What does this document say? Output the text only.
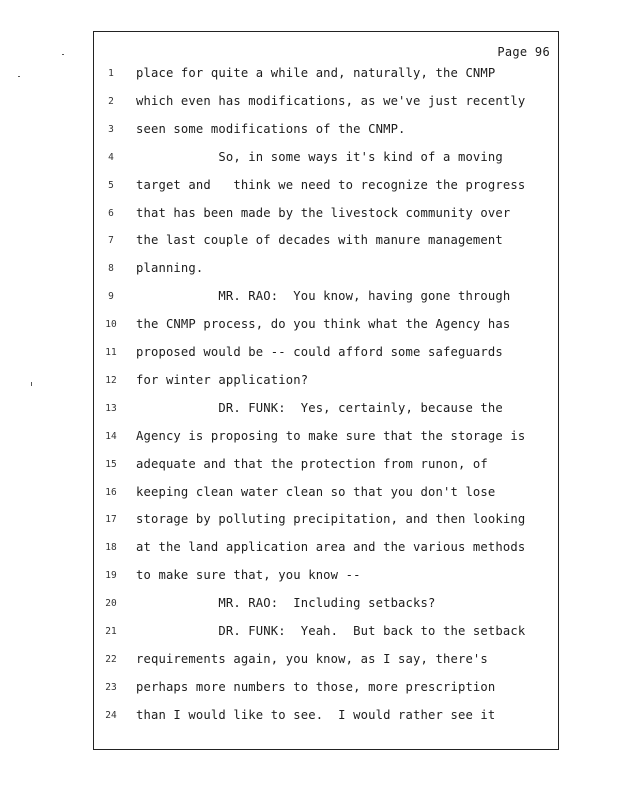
Page 96
1	place for quite a while and, naturally, the CNMP
2	which even has modifications, as we've just recently
3	seen some modifications of the CNMP.
4	So, in some ways it's kind of a moving
5	target and   think we need to recognize the progress
6	that has been made by the livestock community over
7	the last couple of decades with manure management
8	planning.
9	MR. RAO:  You know, having gone through
10	the CNMP process, do you think what the Agency has
11	proposed would be -- could afford some safeguards
12	for winter application?
13	DR. FUNK:  Yes, certainly, because the
14	Agency is proposing to make sure that the storage is
15	adequate and that the protection from runon, of
16	keeping clean water clean so that you don't lose
17	storage by polluting precipitation, and then looking
18	at the land application area and the various methods
19	to make sure that, you know --
20	MR. RAO:  Including setbacks?
21	DR. FUNK:  Yeah.  But back to the setback
22	requirements again, you know, as I say, there's
23	perhaps more numbers to those, more prescription
24	than I would like to see.  I would rather see it
